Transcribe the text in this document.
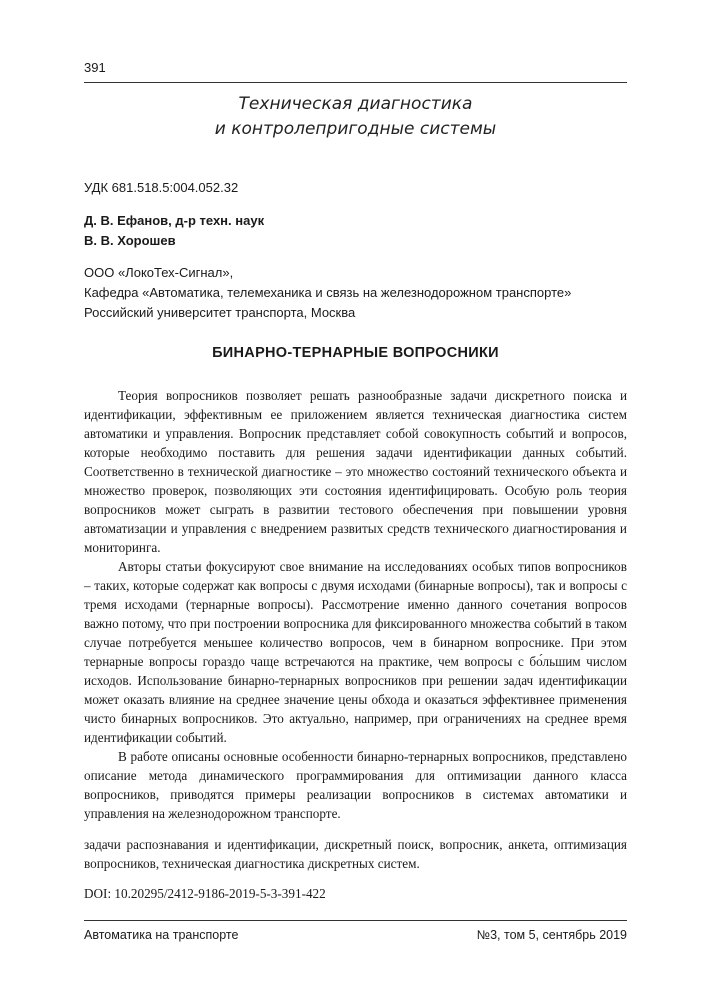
391
Техническая диагностика
и контролепригодные системы
УДК 681.518.5:004.052.32
Д. В. Ефанов, д-р техн. наук
В. В. Хорошев
ООО «ЛокоТех-Сигнал»,
Кафедра «Автоматика, телемеханика и связь на железнодорожном транспорте»
Российский университет транспорта, Москва
БИНАРНО-ТЕРНАРНЫЕ ВОПРОСНИКИ

Теория вопросников позволяет решать разнообразные задачи дискретного поиска и идентификации, эффективным ее приложением является техническая диагностика систем автоматики и управления. Вопросник представляет собой совокупность событий и вопросов, которые необходимо поставить для решения задачи идентификации данных событий. Соответственно в технической диагностике – это множество состояний технического объекта и множество проверок, позволяющих эти состояния идентифицировать. Особую роль теория вопросников может сыграть в развитии тестового обеспечения при повышении уровня автоматизации и управления с внедрением развитых средств технического диагностирования и мониторинга.

Авторы статьи фокусируют свое внимание на исследованиях особых типов вопросников – таких, которые содержат как вопросы с двумя исходами (бинарные вопросы), так и вопросы с тремя исходами (тернарные вопросы). Рассмотрение именно данного сочетания вопросов важно потому, что при построении вопросника для фиксированного множества событий в таком случае потребуется меньшее количество вопросов, чем в бинарном вопроснике. При этом тернарные вопросы гораздо чаще встречаются на практике, чем вопросы с бо́льшим числом исходов. Использование бинарно-тернарных вопросников при решении задач идентификации может оказать влияние на среднее значение цены обхода и оказаться эффективнее применения чисто бинарных вопросников. Это актуально, например, при ограничениях на среднее время идентификации событий.

В работе описаны основные особенности бинарно-тернарных вопросников, представлено описание метода динамического программирования для оптимизации данного класса вопросников, приводятся примеры реализации вопросников в системах автоматики и управления на железнодорожном транспорте.

задачи распознавания и идентификации, дискретный поиск, вопросник, анкета, оптимизация вопросников, техническая диагностика дискретных систем.

DOI: 10.20295/2412-9186-2019-5-3-391-422
Автоматика на транспорте	№3, том 5, сентябрь 2019
